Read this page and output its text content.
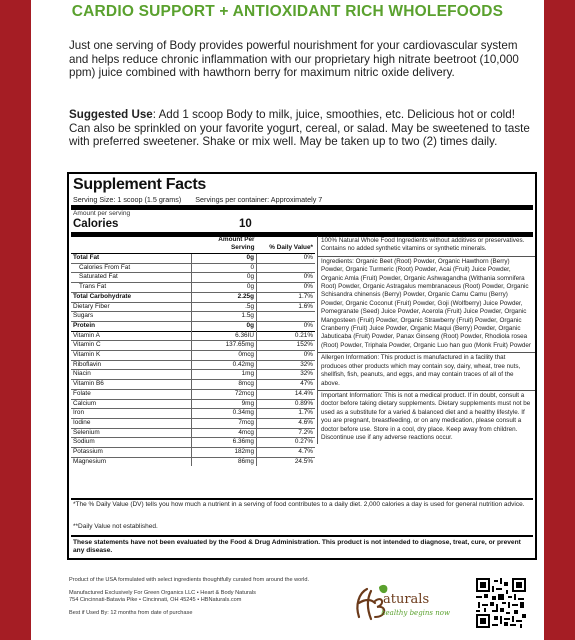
CARDIO SUPPORT + ANTIOXIDANT RICH WHOLEFOODS

Just one serving of Body provides powerful nourishment for your cardiovascular system and helps reduce chronic inflammation with our proprietary high nitrate beetroot (10,000 ppm) juice combined with hawthorn berry for maximum nitric oxide delivery.

Suggested Use: Add 1 scoop Body to milk, juice, smoothies, etc. Delicious hot or cold! Can also be sprinkled on your favorite yogurt, cereal, or salad. May be sweetened to taste with preferred sweetener. Shake or mix well. May be taken up to two (2) times daily.

Supplement Facts
Serving Size: 1 scoop (1.5 grams) Servings per container: Approximately 7
Amount per serving
Calories	10
	Amount Per Serving	% Daily Value*
Total Fat	0g	0%
Calories From Fat	0	
Saturated Fat	0g	0%
Trans Fat	0g	0%
Total Carbohydrate	2.25g	1.7%
Dietary Fiber	.5g	1.6%
Sugars	1.5g	
Protein	0g	0%
Vitamin A	6.36IU	0.21%
Vitamin C	137.65mg	152%
Vitamin K	0mcg	0%
Riboflavin	0.42mg	32%
Niacin	1mg	32%
Vitamin B6	8mcg	47%
Folate	72mcg	14.4%
Calcium	9mg	0.89%
Iron	0.34mg	1.7%
Iodine	7mcg	4.6%
Selenium	4mcg	7.2%
Sodium	6.36mg	0.27%
Potassium	182mg	4.7%
Magnesium	86mg	24.5%
100% Natural Whole Food Ingredients without additives or preservatives. Contains no added synthetic vitamins or synthetic minerals.
Ingredients: Organic Beet (Root) Powder, Organic Hawthorn (Berry) Powder, Organic Turmeric (Root) Powder, Acai (Fruit) Juice Powder, Organic Amla (Fruit) Powder, Organic Ashwagandha (Withania somnifera Root) Powder, Organic Astragalus membranaceus (Root) Powder, Organic Schisandra chinensis (Berry) Powder, Organic Camu Camu (Berry) Powder, Organic Coconut (Fruit) Powder, Goji (Wolfberry) Juice Powder, Pomegranate (Seed) Juice Powder, Acerola (Fruit) Juice Powder, Organic Mangosteen (Fruit) Powder, Organic Strawberry (Fruit) Powder, Organic Cranberry (Fruit) Juice Powder, Organic Maqui (Berry) Powder, Organic Jabuticaba (Fruit) Powder, Panax Ginseng (Root) Powder, Rhodiola rosea (Root) Powder, Triphala Powder, Organic Luo han guo (Monk Fruit) Powder
Allergen Information: This product is manufactured in a facility that produces other products which may contain soy, dairy, wheat, tree nuts, shellfish, fish, peanuts, and eggs, and may contain traces of all of the above.
Important Information: This is not a medical product. If in doubt, consult a doctor before taking dietary supplements. Dietary supplements must not be used as a substitute for a varied & balanced diet and a healthy lifestyle. If you are pregnant, breastfeeding, or on any medication, please consult a doctor before use. Store in a cool, dry place. Keep away from children. Discontinue use if any adverse reactions occur.
*The % Daily Value (DV) tells you how much a nutrient in a serving of food contributes to a daily diet. 2,000 calories a day is used for general nutrition advice.
**Daily Value not established.
These statements have not been evaluated by the Food & Drug Administration. This product is not intended to diagnose, treat, cure, or prevent any disease.
Product of the USA formulated with select ingredients thoughtfully curated from around the world.
Manufactured Exclusively For Green Organics LLC • Heart & Body Naturals
754 Cincinnati-Batavia Pike • Cincinnati, OH 45245 • HBNaturals.com
Best if Used By: 12 months from date of purchase
aturals
healthy begins now
